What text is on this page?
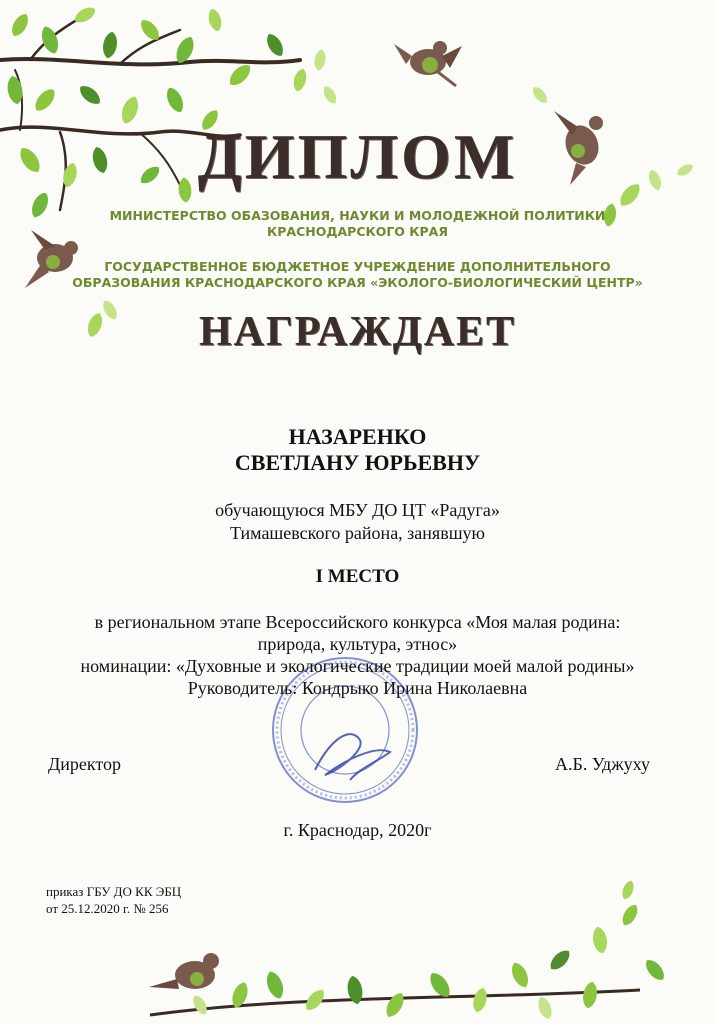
ДИПЛОМ
МИНИСТЕРСТВО ОБАЗОВАНИЯ, НАУКИ И МОЛОДЕЖНОЙ ПОЛИТИКИ
КРАСНОДАРСКОГО КРАЯ
ГОСУДАРСТВЕННОЕ БЮДЖЕТНОЕ УЧРЕЖДЕНИЕ ДОПОЛНИТЕЛЬНОГО
ОБРАЗОВАНИЯ КРАСНОДАРСКОГО КРАЯ «ЭКОЛОГО-БИОЛОГИЧЕСКИЙ ЦЕНТР»
НАГРАЖДАЕТ
НАЗАРЕНКО
СВЕТЛАНУ ЮРЬЕВНУ
обучающуюся МБУ ДО ЦТ «Радуга»
Тимашевского района, занявшую
I МЕСТО
в региональном этапе Всероссийского конкурса «Моя малая родина:
природа, культура, этнос»
номинации: «Духовные и экологические традиции моей малой родины»
Руководитель: Кондрыко Ирина Николаевна
Директор	А.Б. Уджуху
г. Краснодар, 2020г
приказ ГБУ ДО КК ЭБЦ
от 25.12.2020 г. № 256
